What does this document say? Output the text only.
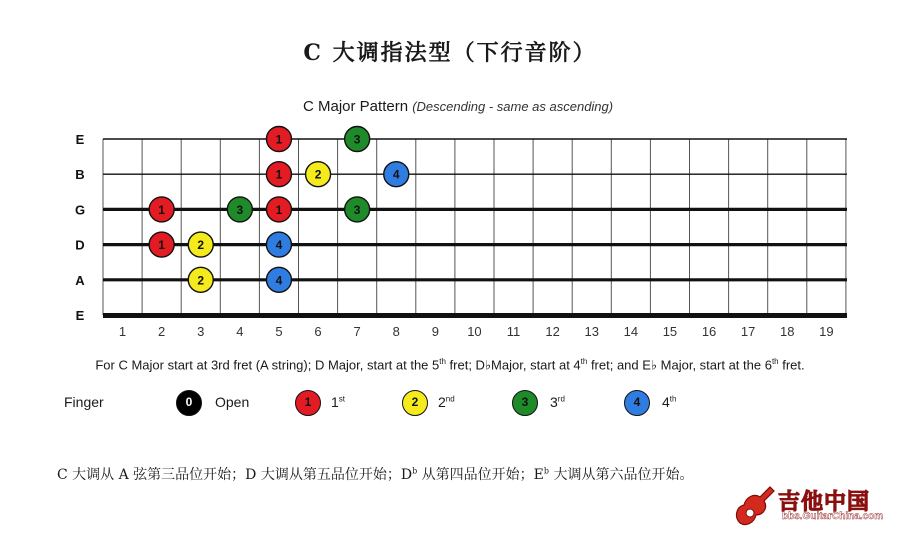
C 大调指法型（下行音阶）
C Major Pattern (Descending - same as ascending)
E
B
G
D
A
E
1 2 3 4 5 6 7 8 9 10 11 12 13 14 15 16 17 18 19
1	3
1	2	4
1	3	1	3
1	2	4
2	4
For C Major start at 3rd fret (A string); D Major, start at the 5th fret; D♭Major, start at 4th fret; and E♭ Major, start at the 6th fret.
Finger	0	Open	1	1st	2	2nd	3	3rd	4	4th
C 大调从 A 弦第三品位开始；D 大调从第五品位开始；$D^b$ 从第四品位开始；$E^b$ 大调从第六品位开始。
吉他中国
bbs.GuitarChina.com
